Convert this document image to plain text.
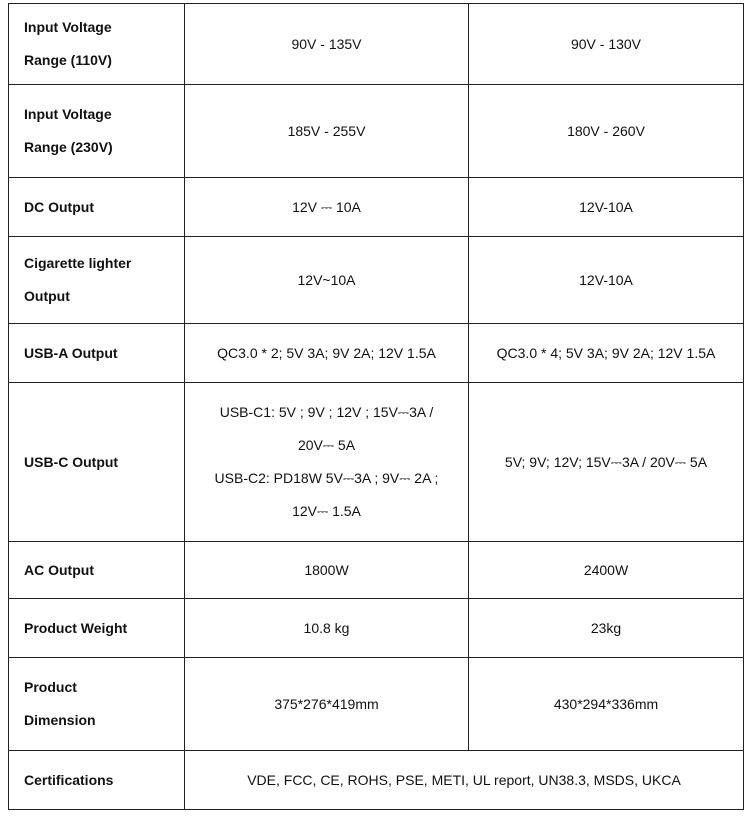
Input Voltage
Range (110V)	90V - 135V	90V - 130V

Input Voltage
Range (230V)	185V - 255V	180V - 260V
DC Output	12V ⎓ 10A	12V-10A

Cigarette lighter
Output	12V~10A	12V-10A
USB-A Output	QC3.0 * 2; 5V 3A; 9V 2A; 12V 1.5A	QC3.0 * 4; 5V 3A; 9V 2A; 12V 1.5A
USB-C Output	USB-C1: 5V ; 9V ; 12V ; 15V⎓3A /
20V⎓ 5A
USB-C2: PD18W 5V⎓3A ; 9V⎓ 2A ;
12V⎓ 1.5A	5V; 9V; 12V; 15V⎓3A / 20V⎓ 5A
AC Output	1800W	2400W
Product Weight	10.8 kg	23kg

Product
Dimension	375*276*419mm	430*294*336mm
Certifications	VDE, FCC, CE, ROHS, PSE, METI, UL report, UN38.3, MSDS, UKCA	
